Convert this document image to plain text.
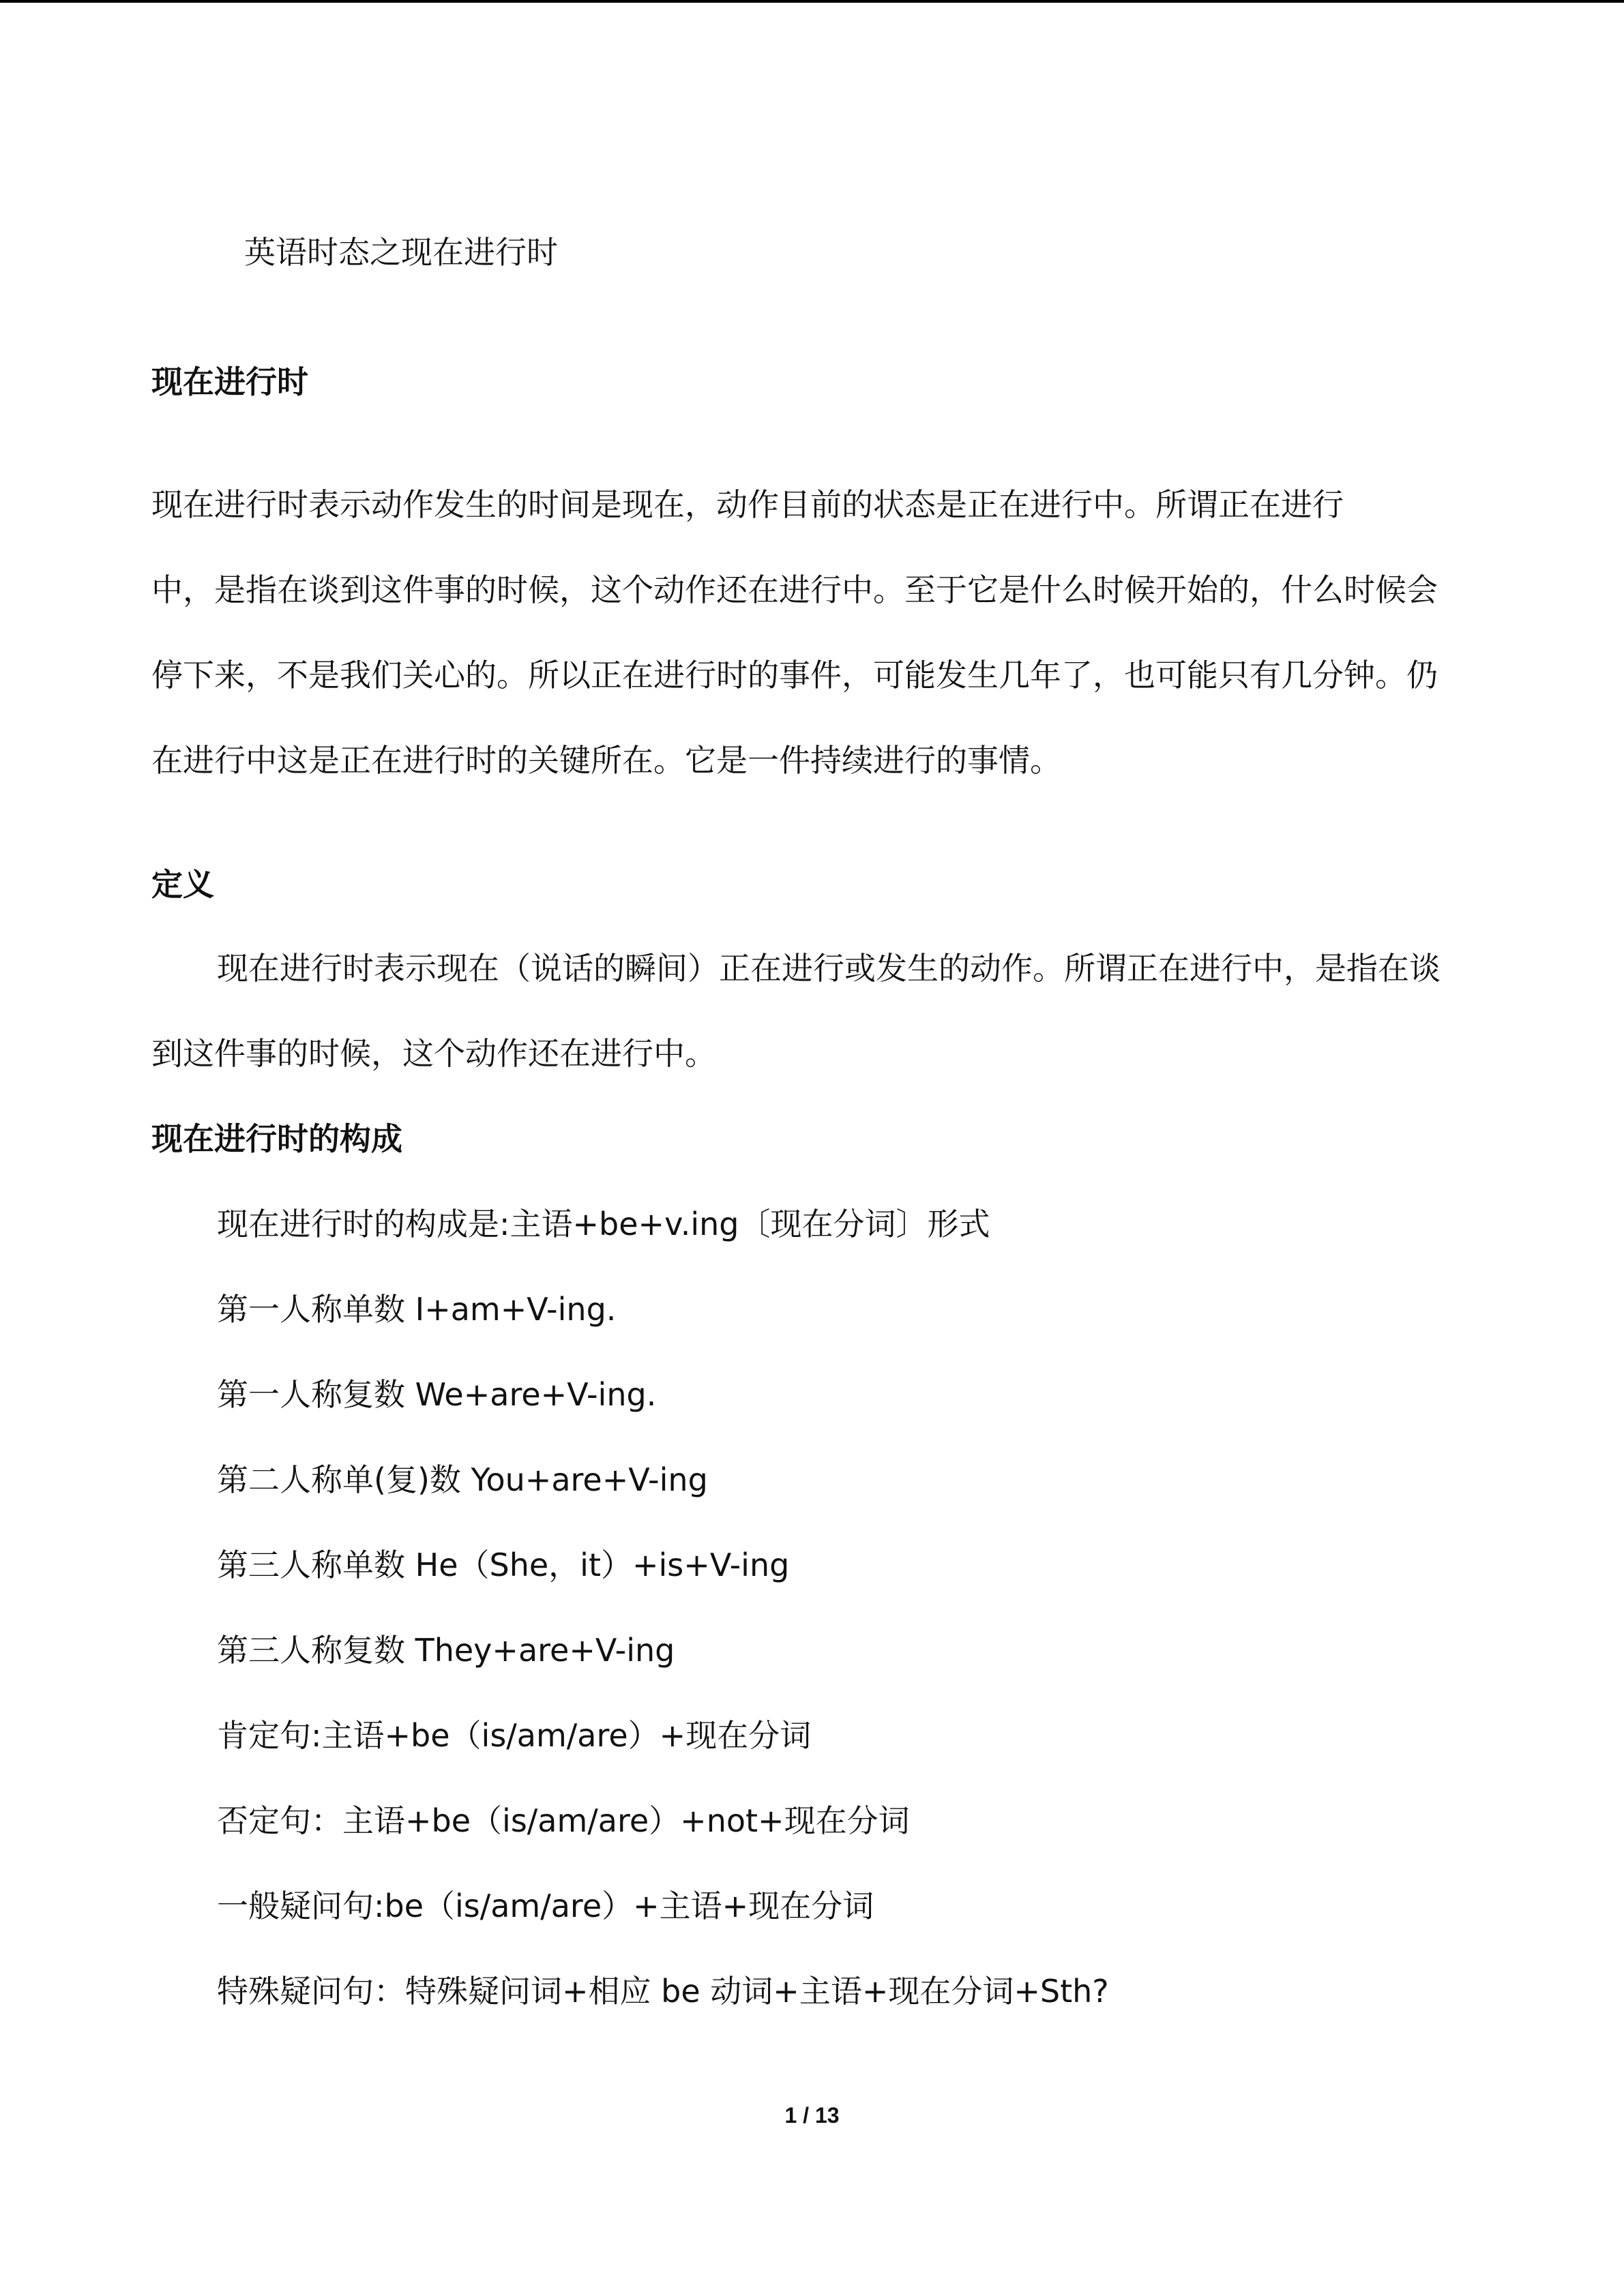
英语时态之现在进行时
现在进行时
现在进行时表示动作发生的时间是现在，动作目前的状态是正在进行中。所谓正在进行
中，是指在谈到这件事的时候，这个动作还在进行中。至于它是什么时候开始的，什么时候会
停下来，不是我们关心的。所以正在进行时的事件，可能发生几年了，也可能只有几分钟。仍
在进行中这是正在进行时的关键所在。它是一件持续进行的事情。
定义
现在进行时表示现在（说话的瞬间）正在进行或发生的动作。所谓正在进行中，是指在谈
到这件事的时候，这个动作还在进行中。
现在进行时的构成
现在进行时的构成是:主语+be+v.ing〔现在分词〕形式
第一人称单数 I+am+V-ing.
第一人称复数 We+are+V-ing.
第二人称单(复)数 You+are+V-ing
第三人称单数 He（She，it）+is+V-ing
第三人称复数 They+are+V-ing
肯定句:主语+be（is/am/are）+现在分词
否定句：主语+be（is/am/are）+not+现在分词
一般疑问句:be（is/am/are）+主语+现在分词
特殊疑问句：特殊疑问词+相应 be 动词+主语+现在分词+Sth?
1 / 13
